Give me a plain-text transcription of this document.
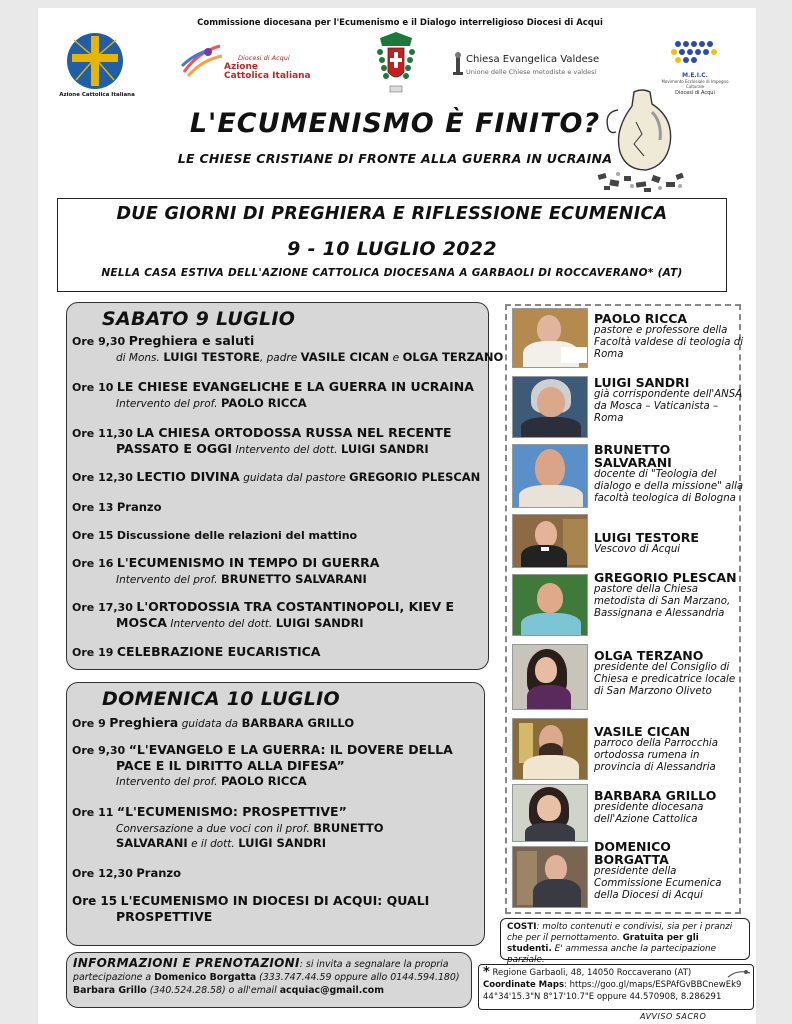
Commissione diocesana per l'Ecumenismo e il Dialogo interreligioso Diocesi di Acqui
Azione Cattolica Italiana
Diocesi di Acqui
Azione
Cattolica Italiana
Chiesa Evangelica Valdese
Unione delle Chiese metodiste e valdesi	M.E.I.C.
Movimento Ecclesiale di Impegno Culturale
Diocesi di Acqui
L'ECUMENISMO È FINITO?
LE CHIESE CRISTIANE DI FRONTE ALLA GUERRA IN UCRAINA
DUE GIORNI DI PREGHIERA E RIFLESSIONE ECUMENICA
9 - 10 LUGLIO 2022
NELLA CASA ESTIVA DELL'AZIONE CATTOLICA DIOCESANA A GARBAOLI DI ROCCAVERANO* (AT)
SABATO 9 LUGLIO
Ore 9,30 Preghiera e saluti
di Mons. LUIGI TESTORE, padre VASILE CICAN e OLGA TERZANO
Ore 10 LE CHIESE EVANGELICHE E LA GUERRA IN UCRAINA
Intervento del prof. PAOLO RICCA
Ore 11,30 LA CHIESA ORTODOSSA RUSSA NEL RECENTE
PASSATO E OGGI Intervento del dott. LUIGI SANDRI
Ore 12,30 LECTIO DIVINA guidata dal pastore GREGORIO PLESCAN
Ore 13 Pranzo
Ore 15 Discussione delle relazioni del mattino
Ore 16 L'ECUMENISMO IN TEMPO DI GUERRA
Intervento del prof. BRUNETTO SALVARANI
Ore 17,30 L'ORTODOSSIA TRA COSTANTINOPOLI, KIEV E
MOSCA Intervento del dott. LUIGI SANDRI
Ore 19 CELEBRAZIONE EUCARISTICA
DOMENICA 10 LUGLIO
Ore 9 Preghiera guidata da BARBARA GRILLO
Ore 9,30 “L'EVANGELO E LA GUERRA: IL DOVERE DELLA
PACE E IL DIRITTO ALLA DIFESA”
Intervento del prof. PAOLO RICCA
Ore 11 “L'ECUMENISMO: PROSPETTIVE”
Conversazione a due voci con il prof. BRUNETTO
SALVARANI e il dott. LUIGI SANDRI
Ore 12,30 Pranzo
Ore 15 L'ECUMENISMO IN DIOCESI DI ACQUI: QUALI
PROSPETTIVE
PAOLO RICCA
pastore e professore della Facoltà valdese di teologia di Roma
LUIGI SANDRI
già corrispondente dell'ANSA da Mosca – Vaticanista – Roma
BRUNETTO SALVARANI
docente di "Teologia del dialogo e della missione" alla facoltà teologica di Bologna
LUIGI TESTORE
Vescovo di Acqui
GREGORIO PLESCAN
pastore della Chiesa metodista di San Marzano, Bassignana e Alessandria
OLGA TERZANO
presidente del Consiglio di Chiesa e predicatrice locale di San Marzono Oliveto
VASILE CICAN
parroco della Parrocchia ortodossa rumena in provincia di Alessandria
BARBARA GRILLO
presidente diocesana dell'Azione Cattolica
DOMENICO BORGATTA
presidente della Commissione Ecumenica della Diocesi di Acqui
COSTI: molto contenuti e condivisi, sia per i pranzi che per il pernottamento. Gratuita per gli studenti. E' ammessa anche la partecipazione parziale.
INFORMAZIONI E PRENOTAZIONI: si invita a segnalare la propria
partecipazione a Domenico Borgatta (333.747.44.59 oppure allo 0144.594.180)
Barbara Grillo (340.524.28.58) o all'email acquiac@gmail.com
* Regione Garbaoli, 48, 14050 Roccaverano (AT)
Coordinate Maps: https://goo.gl/maps/ESPAfGvBBCnewEk9
44°34'15.3"N 8°17'10.7"E oppure 44.570908, 8.286291
AVVISO SACRO
